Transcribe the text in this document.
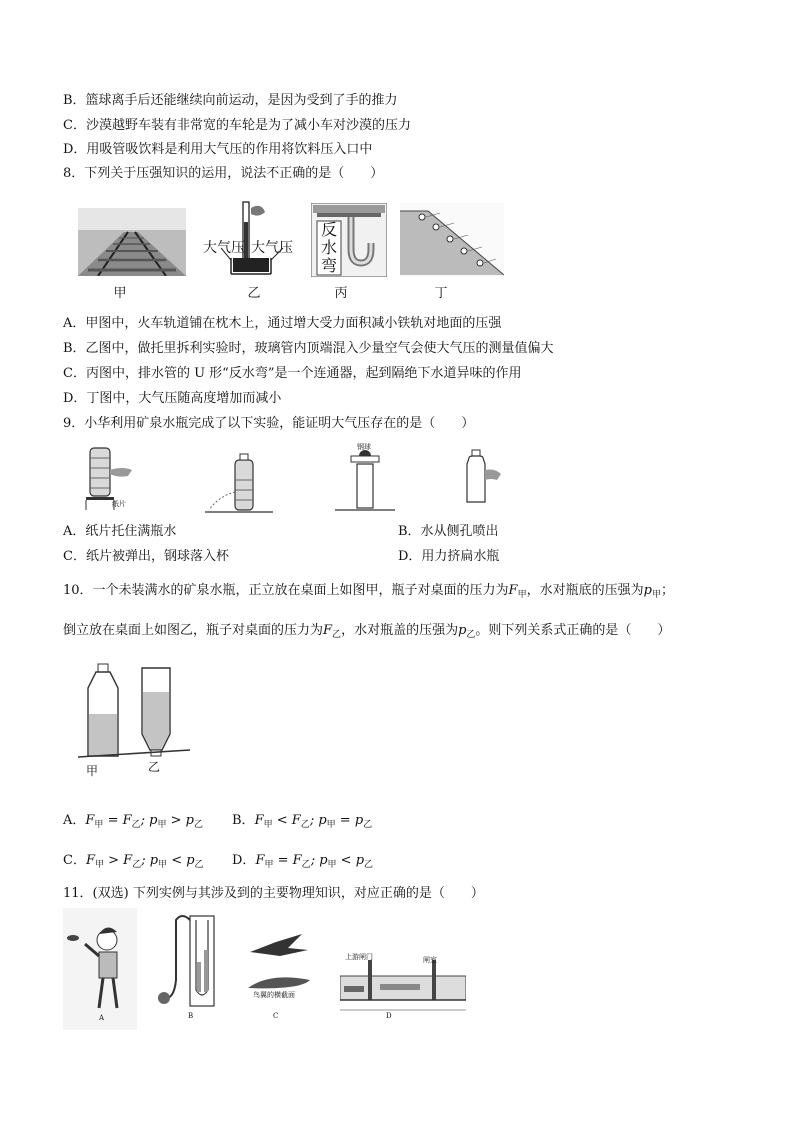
B．篮球离手后还能继续向前运动，是因为受到了手的推力
C．沙漠越野车装有非常宽的车轮是为了减小车对沙漠的压力
D．用吸管吸饮料是利用大气压的作用将饮料压入口中
8．下列关于压强知识的运用，说法不正确的是（　　）
甲
大气压 大气压
乙
反
水
弯
丙	丁
A．甲图中，火车轨道铺在枕木上，通过增大受力面积减小铁轨对地面的压强
B．乙图中，做托里拆利实验时，玻璃管内顶端混入少量空气会使大气压的测量值偏大
C．丙图中，排水管的 U 形“反水弯”是一个连通器，起到隔绝下水道异味的作用
D．丁图中，大气压随高度增加而减小
9．小华利用矿泉水瓶完成了以下实验，能证明大气压存在的是（　　）
纸片
钢球
A．纸片托住满瓶水	B．水从侧孔喷出
C．纸片被弹出，钢球落入杯	D．用力挤扁水瓶
10．一个未装满水的矿泉水瓶，正立放在桌面上如图甲，瓶子对桌面的压力为$F_甲$，水对瓶底的压强为$p_甲$；
倒立放在桌面上如图乙，瓶子对桌面的压力为$F_乙$，水对瓶盖的压强为$p_乙$。则下列关系式正确的是（　　）
甲	乙
A．$F_甲 = F_乙$; $p_甲 > p_乙$ B．$F_甲 < F_乙$; $p_甲 = p_乙$
C．$F_甲 > F_乙$; $p_甲 < p_乙$ D．$F_甲 = F_乙$; $p_甲 < p_乙$
11．(双选) 下列实例与其涉及到的主要物理知识，对应正确的是（　　）
A	B
鸟翼的横截面
C
上游闸门	闸室
D
